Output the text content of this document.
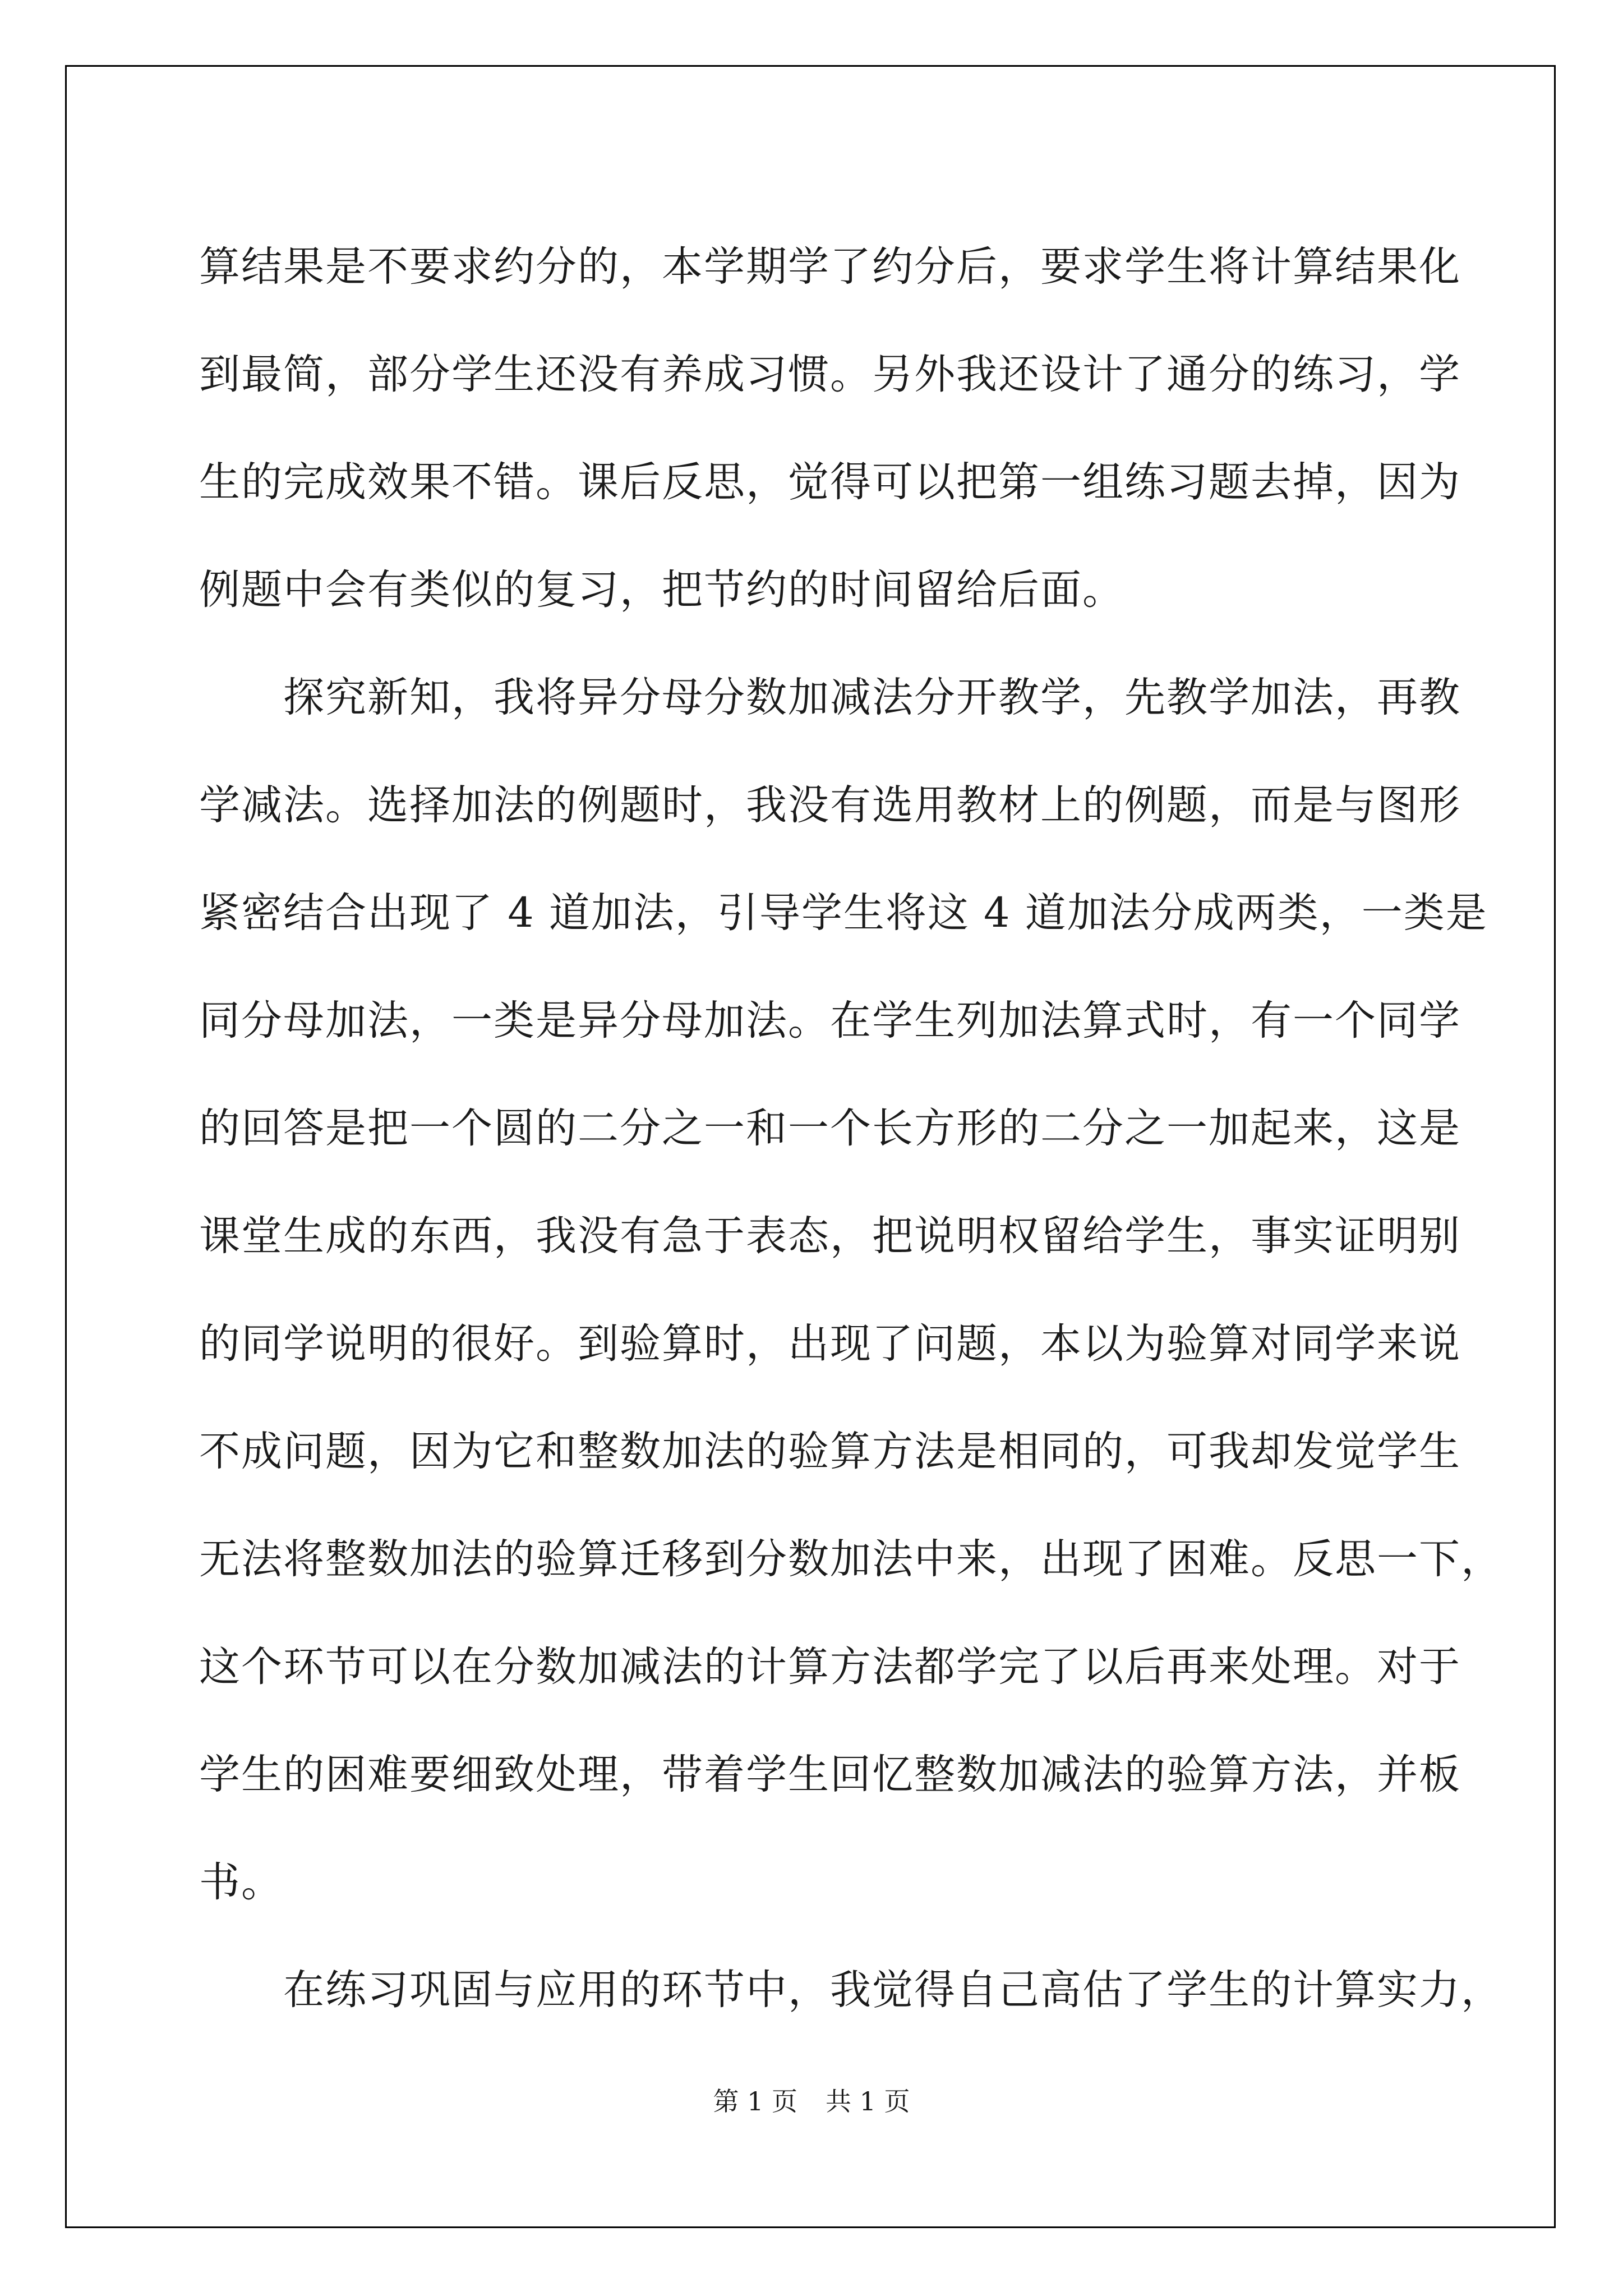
算结果是不要求约分的，本学期学了约分后，要求学生将计算结果化
到最简，部分学生还没有养成习惯。另外我还设计了通分的练习，学
生的完成效果不错。课后反思，觉得可以把第一组练习题去掉，因为
例题中会有类似的复习，把节约的时间留给后面。
　　探究新知，我将异分母分数加减法分开教学，先教学加法，再教
学减法。选择加法的例题时，我没有选用教材上的例题，而是与图形
紧密结合出现了 4 道加法，引导学生将这 4 道加法分成两类，一类是
同分母加法，一类是异分母加法。在学生列加法算式时，有一个同学
的回答是把一个圆的二分之一和一个长方形的二分之一加起来，这是
课堂生成的东西，我没有急于表态，把说明权留给学生，事实证明别
的同学说明的很好。到验算时，出现了问题，本以为验算对同学来说
不成问题，因为它和整数加法的验算方法是相同的，可我却发觉学生
无法将整数加法的验算迁移到分数加法中来，出现了困难。反思一下，
这个环节可以在分数加减法的计算方法都学完了以后再来处理。对于
学生的困难要细致处理，带着学生回忆整数加减法的验算方法，并板
书。
　　在练习巩固与应用的环节中，我觉得自己高估了学生的计算实力，
第 1 页 共 1 页
